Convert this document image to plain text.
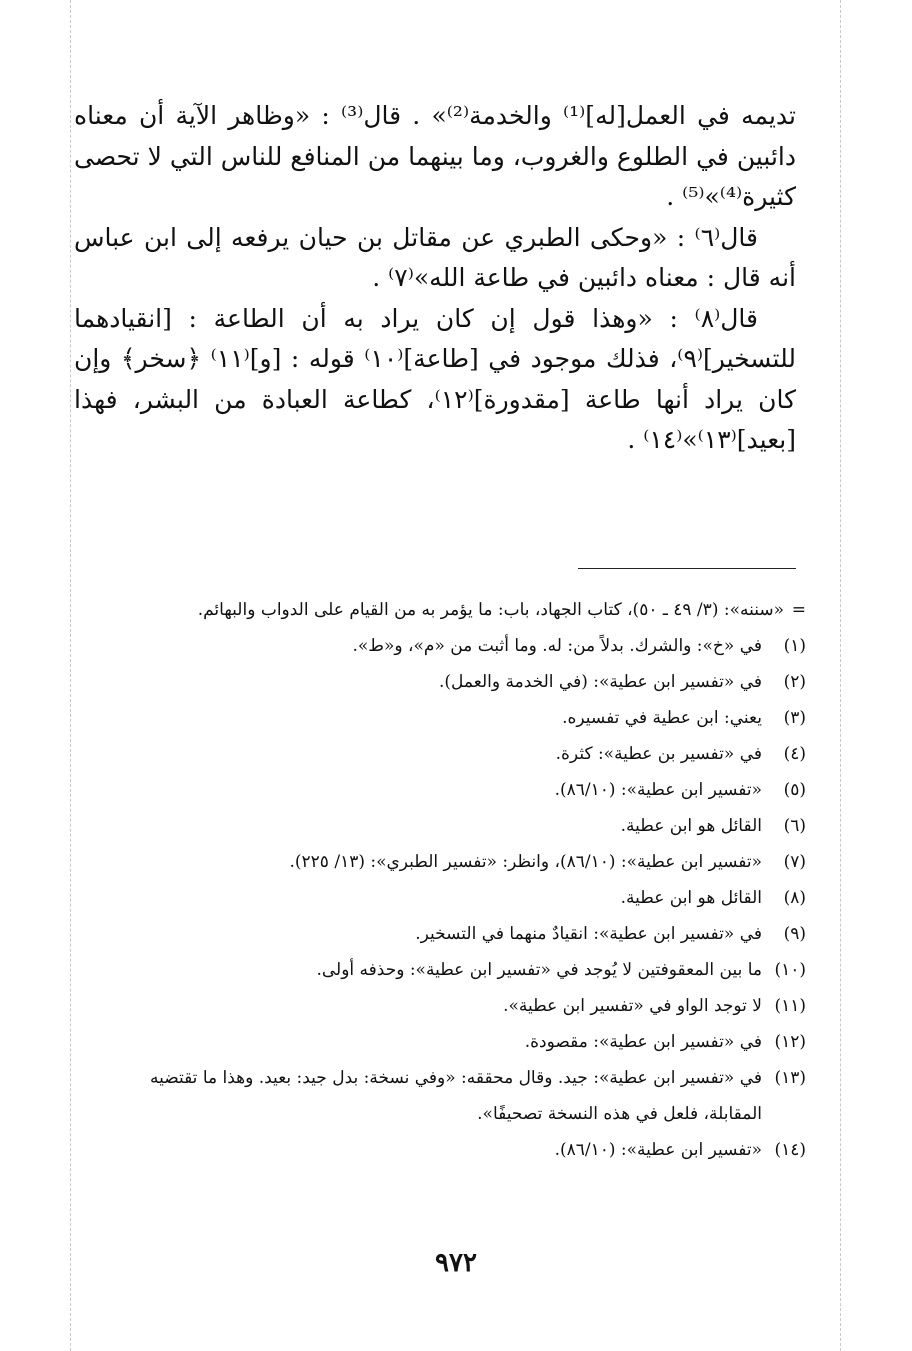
تديمه في العمل[له]⁽¹⁾ والخدمة⁽²⁾» . قال⁽³⁾ : «وظاهر الآية أن معناه دائبين في الطلوع والغروب، وما بينهما من المنافع للناس التي لا تحصى كثيرة⁽⁴⁾»⁽⁵⁾ .

قال⁽٦⁾ : «وحكى الطبري عن مقاتل بن حيان يرفعه إلى ابن عباس أنه قال : معناه دائبين في طاعة الله»⁽٧⁾ .

قال⁽٨⁾ : «وهذا قول إن كان يراد به أن الطاعة : [انقيادهما للتسخير]⁽٩⁾، فذلك موجود في [طاعة]⁽١٠⁾ قوله : [و]⁽١١⁾ ﴿سخر﴾ وإن كان يراد أنها طاعة [مقدورة]⁽١٢⁾، كطاعة العبادة من البشر، فهذا [بعيد]⁽١٣⁾»⁽١٤⁾ .

=
«سننه»: (٣/ ٤٩ ـ ٥٠)، كتاب الجهاد، باب: ما يؤمر به من القيام على الدواب والبهائم.
(١)
في «خ»: والشرك. بدلاً من: له. وما أثبت من «م»، و«ط».
(٢)
في «تفسير ابن عطية»: (في الخدمة والعمل).
(٣)
يعني: ابن عطية في تفسيره.
(٤)
في «تفسير بن عطية»: كثرة.
(٥)
«تفسير ابن عطية»: (٨٦/١٠).
(٦)
القائل هو ابن عطية.
(٧)
«تفسير ابن عطية»: (٨٦/١٠)، وانظر: «تفسير الطبري»: (١٣/ ٢٢٥).
(٨)
القائل هو ابن عطية.
(٩)
في «تفسير ابن عطية»: انقيادٌ منهما في التسخير.
(١٠)
ما بين المعقوفتين لا يُوجد في «تفسير ابن عطية»: وحذفه أولى.
(١١)
لا توجد الواو في «تفسير ابن عطية».
(١٢)
في «تفسير ابن عطية»: مقصودة.
(١٣)
في «تفسير ابن عطية»: جيد. وقال محققه: «وفي نسخة: بدل جيد: بعيد. وهذا ما تقتضيه المقابلة، فلعل في هذه النسخة تصحيفًا».
(١٤)
«تفسير ابن عطية»: (٨٦/١٠).
٩٧٢
